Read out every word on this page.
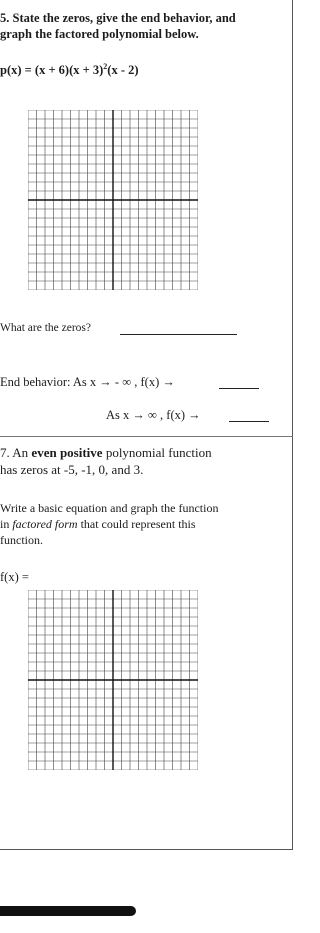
5. State the zeros, give the end behavior, and
graph the factored polynomial below.
$p(x) = (x + 6)(x + 3)^2(x - 2)$
What are the zeros?
End behavior: As x → - ∞ , f(x) →
As x → ∞ , f(x) →
7. An even positive polynomial function
has zeros at -5, -1, 0, and 3.
Write a basic equation and graph the function
in factored form that could represent this
function.
f(x) =
